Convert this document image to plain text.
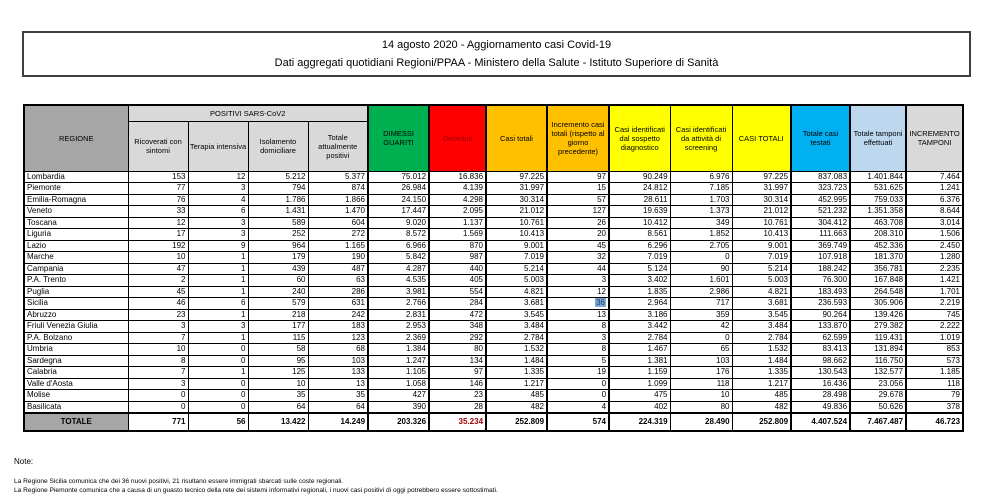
14 agosto 2020 - Aggiornamento casi Covid-19
Dati aggregati quotidiani Regioni/PPAA - Ministero della Salute - Istituto Superiore di Sanità
REGIONE	POSITIVI SARS-CoV2				DIMESSI GUARITI	Deceduti	Casi totali	Incremento casi totali (rispetto al giorno precedente)	Casi identificati dal sospetto diagnostico	Casi identificati da attività di screening	CASI TOTALI	Totale casi testati	Totale tamponi effettuati	INCREMENTO TAMPONI
	Ricoverati con sintomi	Terapia intensiva	Isolamento domiciliare	Totale attualmente positivi										
Lombardia	153	12	5.212	5.377	75.012	16.836	97.225	97	90.249	6.976	97.225	837.083	1.401.844	7.464
Piemonte	77	3	794	874	26.984	4.139	31.997	15	24.812	7.185	31.997	323.723	531.625	1.241
Emilia-Romagna	76	4	1.786	1.866	24.150	4.298	30.314	57	28.611	1.703	30.314	452.995	759.033	6.376
Veneto	33	6	1.431	1.470	17.447	2.095	21.012	127	19.639	1.373	21.012	521.232	1.351.358	8.644
Toscana	12	3	589	604	9.020	1.137	10.761	26	10.412	349	10.761	304.412	463.708	3.014
Liguria	17	3	252	272	8.572	1.569	10.413	20	8.561	1.852	10.413	111.663	208.310	1.506
Lazio	192	9	964	1.165	6.966	870	9.001	45	6.296	2.705	9.001	369.749	452.336	2.450
Marche	10	1	179	190	5.842	987	7.019	32	7.019	0	7.019	107.918	181.370	1.280
Campania	47	1	439	487	4.287	440	5.214	44	5.124	90	5.214	188.242	356.781	2.235
P.A. Trento	2	1	60	63	4.535	405	5.003	3	3.402	1.601	5.003	76.300	167.848	1.421
Puglia	45	1	240	286	3.981	554	4.821	12	1.835	2.986	4.821	183.493	264.548	1.701
Sicilia	46	6	579	631	2.766	284	3.681	36	2.964	717	3.681	236.593	305.906	2.219
Abruzzo	23	1	218	242	2.831	472	3.545	13	3.186	359	3.545	90.264	139.426	745
Friuli Venezia Giulia	3	3	177	183	2.953	348	3.484	8	3.442	42	3.484	133.870	279.382	2.222
P.A. Bolzano	7	1	115	123	2.369	292	2.784	3	2.784	0	2.784	62.599	119.431	1.019
Umbria	10	0	58	68	1.384	80	1.532	8	1.467	65	1.532	83.413	131.894	853
Sardegna	8	0	95	103	1.247	134	1.484	5	1.381	103	1.484	98.662	116.750	573
Calabria	7	1	125	133	1.105	97	1.335	19	1.159	176	1.335	130.543	132.577	1.185
Valle d'Aosta	3	0	10	13	1.058	146	1.217	0	1.099	118	1.217	16.436	23.056	118
Molise	0	0	35	35	427	23	485	0	475	10	485	28.498	29.678	79
Basilicata	0	0	64	64	390	28	482	4	402	80	482	49.836	50.626	378
TOTALE	771	56	13.422	14.249	203.326	35.234	252.809	574	224.319	28.490	252.809	4.407.524	7.467.487	46.723
Note:
La Regione Sicilia comunica che dei 36 nuovi positivi, 21 risultano essere immigrati sbarcati sulle coste regionali.
La Regione Piemonte comunica che a causa di un guasto tecnico della rete dei sistemi informativi regionali, i nuovi casi positivi di oggi potrebbero essere sottostimati.
